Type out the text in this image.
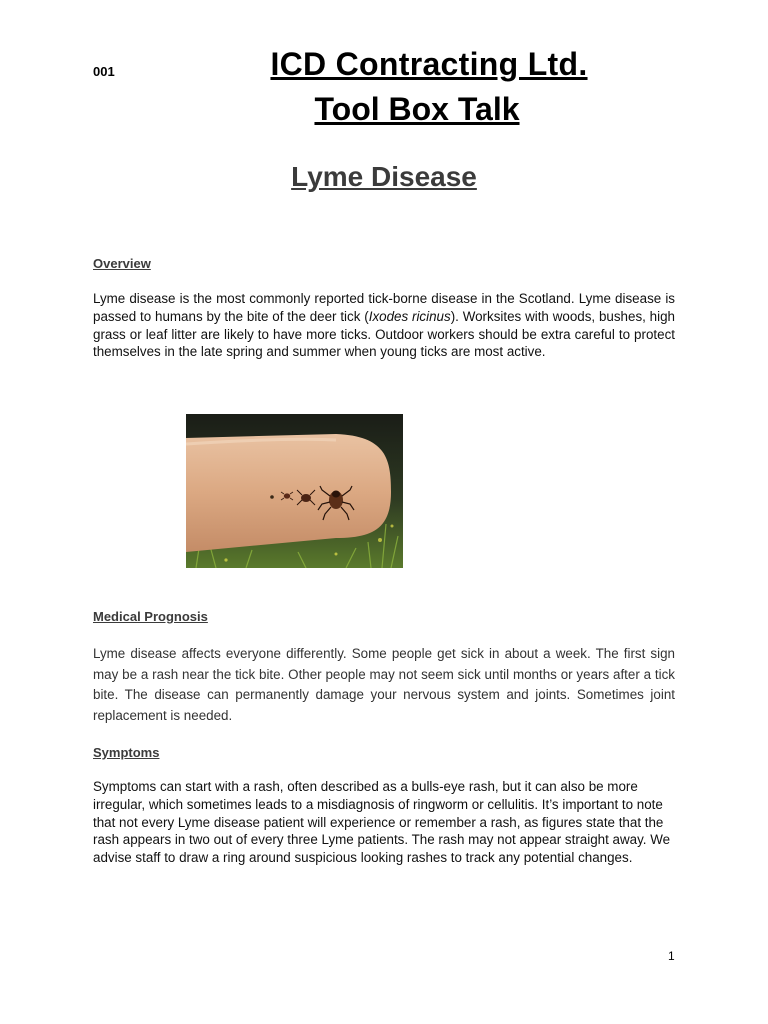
001	ICD Contracting Ltd.
Tool Box Talk
Lyme Disease
Overview
Lyme disease is the most commonly reported tick-borne disease in the Scotland. Lyme disease is passed to humans by the bite of the deer tick (Ixodes ricinus). Worksites with woods, bushes, high grass or leaf litter are likely to have more ticks. Outdoor workers should be extra careful to protect themselves in the late spring and summer when young ticks are most active.
Medical Prognosis
Lyme disease affects everyone differently. Some people get sick in about a week. The first sign may be a rash near the tick bite. Other people may not seem sick until months or years after a tick bite. The disease can permanently damage your nervous system and joints. Sometimes joint replacement is needed.
Symptoms
Symptoms can start with a rash, often described as a bulls-eye rash, but it can also be more irregular, which sometimes leads to a misdiagnosis of ringworm or cellulitis. It’s important to note that not every Lyme disease patient will experience or remember a rash, as figures state that the rash appears in two out of every three Lyme patients. The rash may not appear straight away. We advise staff to draw a ring around suspicious looking rashes to track any potential changes.
1
